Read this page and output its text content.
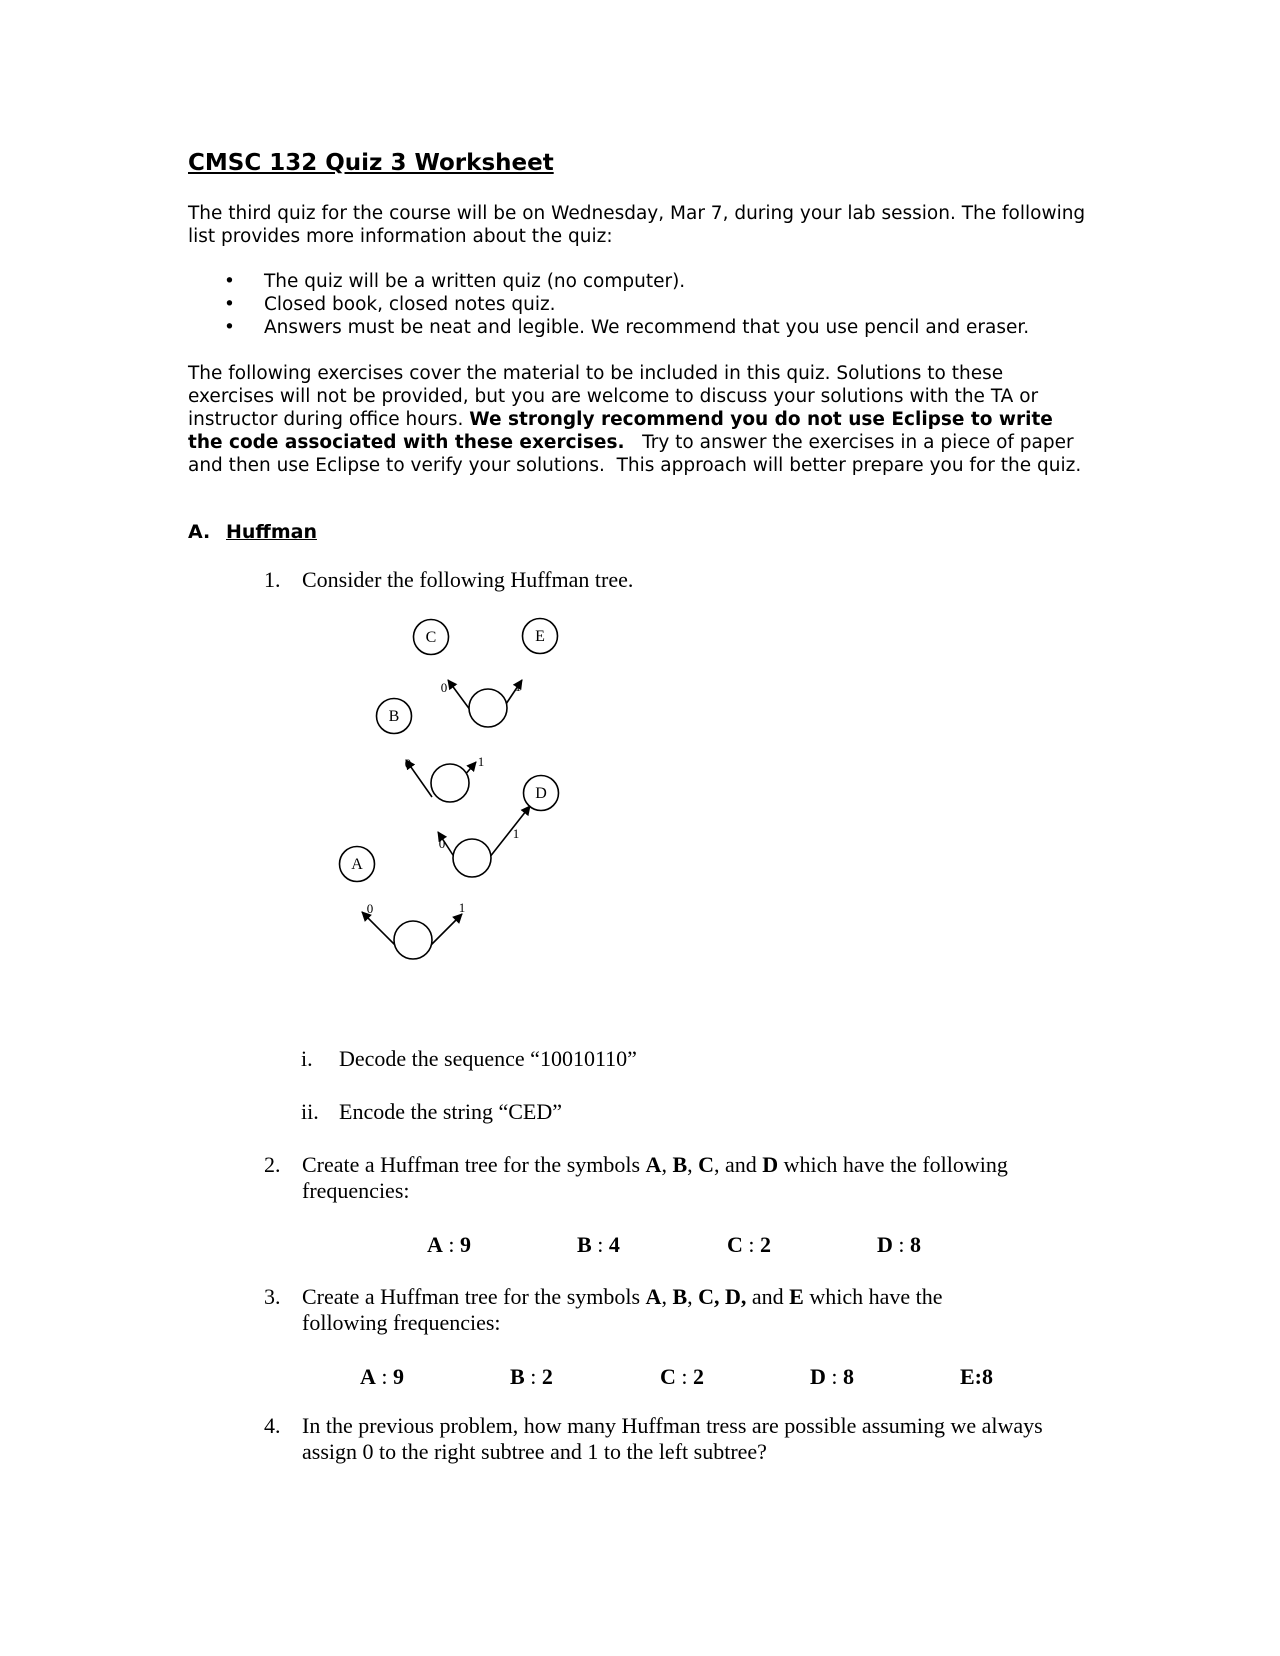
CMSC 132 Quiz 3 Worksheet
The third quiz for the course will be on Wednesday, Mar 7, during your lab session. The following list provides more information about the quiz:
• The quiz will be a written quiz (no computer).
• Closed book, closed notes quiz.
• Answers must be neat and legible. We recommend that you use pencil and eraser.
The following exercises cover the material to be included in this quiz. Solutions to these exercises will not be provided, but you are welcome to discuss your solutions with the TA or instructor during office hours. We strongly recommend you do not use Eclipse to write the code associated with these exercises.   Try to answer the exercises in a piece of paper and then use Eclipse to verify your solutions.  This approach will better prepare you for the quiz.
A. Huffman
1. Consider the following Huffman tree.
C	E
B
D
A
0	1
0	1
0
1
0	1
i. Decode the sequence “10010110”
ii. Encode the string “CED”
2. Create a Huffman tree for the symbols A, B, C, and D which have the following frequencies:
A : 9	B : 4	C : 2	D : 8
3. Create a Huffman tree for the symbols A, B, C, D, and E which have the following frequencies:
A : 9	B : 2	C : 2	D : 8	E:8
4. In the previous problem, how many Huffman tress are possible assuming we always assign 0 to the right subtree and 1 to the left subtree?
